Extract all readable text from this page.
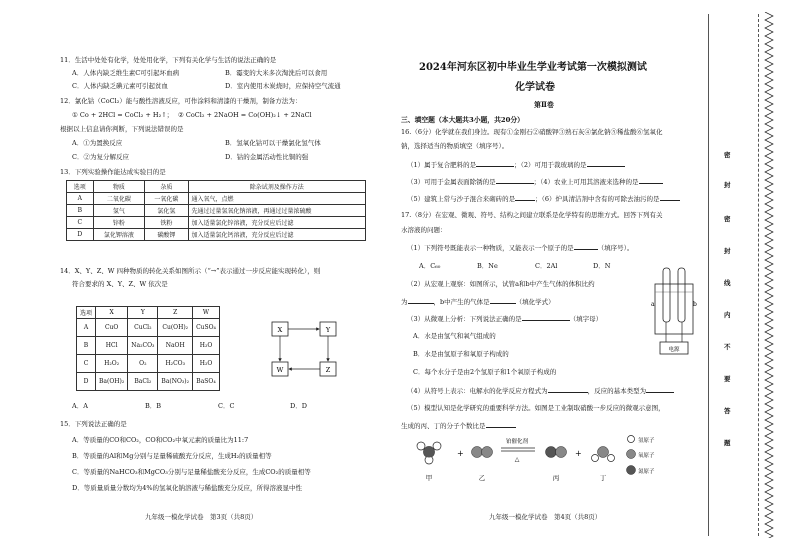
11．生活中处处有化学，处处用化学，下列有关化学与生活的说法正确的是
A．人体内缺乏维生素C可引起坏血病	B．霉变的大米多次淘洗后可以食用
C．人体内缺乏碘元素可引起贫血	D．室内使用木炭烧时，应保持空气流通
12．氯化钴（CoCl₂）能与酸性溶液反应，可作涂料和清漆的干燥剂，制备方法为：
① Co + 2HCl = CoCl₂ + H₂↑； ② CoCl₂ + 2NaOH = Co(OH)₂↓ + 2NaCl
根据以上信息请你判断，下列说法错误的是
A．①为置换反应	B．氢氧化钴可以干燥氯化氢气体
C．②为复分解反应	D．钴的金属活动性比铜的强
13．下列实验操作能达成实验目的是
选项	物质	杂质	除杂试剂及操作方法
A	二氧化碳	一氧化碳	通入氧气，点燃
B	氢气	氯化氢	先通过过量氢氧化钠溶液，再通过过量浓硫酸
C	锌粉	铁粉	加入适量氯化锌溶液，充分反应后过滤
D	氯化钾溶液	碳酸钾	加入适量氯化钙溶液，充分反应后过滤
14．X、Y、Z、W 四种物质的转化关系如图所示（“→”表示通过一步反应能实现转化），则
符合要求的 X、Y、Z、W 依次是
选项	X	Y	Z	W
A	CuO	CuCl₂	Cu(OH)₂	CuSO₄
B	HCl	Na₂CO₃	NaOH	H₂O
C	H₂O₂	O₂	H₂CO₃	H₂O
D	Ba(OH)₂	BaCl₂	Ba(NO₃)₂	BaSO₄
X	Y
W	Z
A．A	B．B	C．C	D．D
15．下列说法正确的是
A．等质量的CO和CO₂，CO和CO₂中氧元素的质量比为11:7
B．等质量的Al和Mg分别与足量稀硫酸充分反应，生成H₂的质量相等
C．等质量的NaHCO₃和MgCO₃分别与足量稀盐酸充分反应，生成CO₂的质量相等
D．等质量质量分数均为4%的氢氧化钠溶液与稀盐酸充分反应，所得溶液显中性
九年级一模化学试卷　第3页（共8页）
2024年河东区初中毕业生学业考试第一次模拟测试
化学试卷
第Ⅱ卷
三、填空题（本大题共3小题，共20分）
16.（6分）化学就在我们身边。现有①金刚石②硝酸钾③熟石灰④氯化钠⑤稀盐酸⑥氢氧化
钠，选择适当的物质填空（填序号）。
（1）属于复合肥料的是	；（2）可用于裁玻璃的是
（3）可用于金属表面除锈的是	；（4）农业上可用其溶液来选种的是
（5）建筑上常与沙子混合来砌砖的是	；（6）炉具清洁剂中含有的可除去油污的是
17.（8分）在宏观、微观、符号、结构之间建立联系是化学特有的思维方式。回答下列有关
水溶液的问题：
（1）下列符号既能表示一种物质，又能表示一个原子的是	（填序号）。
A．C₆₀	B．Ne	C．2Al	D．N
（2）从宏观上观察：如图所示，试管a和b中产生气体的体积比约
为	，b中产生的气体是	（填化学式）
（3）从微观上分析：下列说法正确的是	（填字母）
A．水是由氢气和氧气组成的
B．水是由氢原子和氧原子构成的
C．每个水分子是由2个氢原子和1个氧原子构成的
（4）从符号上表示：电解水的化学反应方程式为	，反应的基本类型为
（5）模型认知是化学研究的重要科学方法。如图是工业制取硝酸一步反应的微观示意图，
生成的丙、丁的分子个数比是
电源
a	b
+
铂催化剂
△
+
甲	乙	丙	丁
氢原子
氧原子
氮原子
九年级一模化学试卷　第4页（共8页）
密
封
密
封
线
内
不
要
答
题
